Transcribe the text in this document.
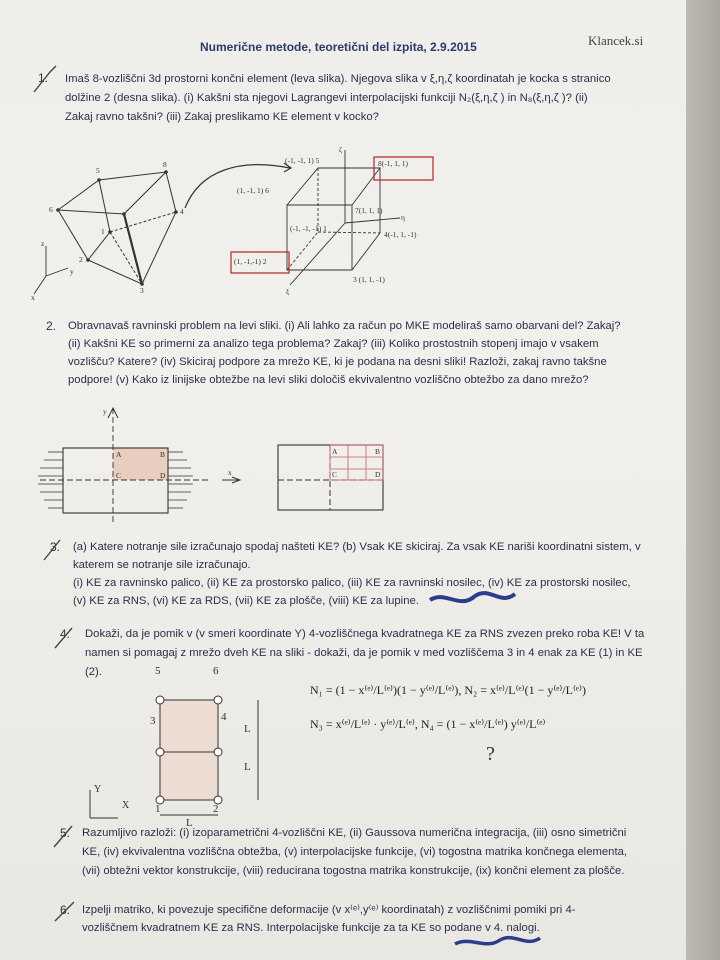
Numerične metode, teoretični del izpita, 2.9.2015	Klancek.si
1. Imaš 8-vozliščni 3d prostorni končni element (leva slika). Njegova slika v ξ,η,ζ koordinatah je kocka s stranico
dolžine 2 (desna slika). (i) Kakšni sta njegovi Lagrangevi interpolacijski funkciji N₂(ξ,η,ζ ) in N₈(ξ,η,ζ )? (ii)
Zakaj ravno takšni? (iii) Zakaj preslikamo KE element v kocko?
2. Obravnavaš ravninski problem na levi sliki. (i) Ali lahko za račun po MKE modeliraš samo obarvani del? Zakaj?
(ii) Kakšni KE so primerni za analizo tega problema? Zakaj? (iii) Koliko prostostnih stopenj imajo v vsakem
vozlišču? Katere? (iv) Skiciraj podpore za mrežo KE, ki je podana na desni sliki! Razloži, zakaj ravno takšne
podpore! (v) Kako iz linijske obtežbe na levi sliki določiš ekvivalentno vozliščno obtežbo za dano mrežo?
3. (a) Katere notranje sile izračunajo spodaj našteti KE? (b) Vsak KE skiciraj. Za vsak KE nariši koordinatni sistem, v
katerem se notranje sile izračunajo.
(i) KE za ravninsko palico, (ii) KE za prostorsko palico, (iii) KE za ravninski nosilec, (iv) KE za prostorski nosilec,
(v) KE za RNS, (vi) KE za RDS, (vii) KE za plošče, (viii) KE za lupine.
4. Dokaži, da je pomik v (v smeri koordinate Y) 4-vozliščnega kvadratnega KE za RNS zvezen preko roba KE! V ta
namen si pomagaj z mrežo dveh KE na sliki - dokaži, da je pomik v med vozliščema 3 in 4 enak za KE (1) in KE
(2).
N₁ = (1 − x⁽ᵉ⁾/L⁽ᵉ⁾)(1 − y⁽ᵉ⁾/L⁽ᵉ⁾), N₂ = x⁽ᵉ⁾/L⁽ᵉ⁾(1 − y⁽ᵉ⁾/L⁽ᵉ⁾)
N₃ = x⁽ᵉ⁾/L⁽ᵉ⁾ · y⁽ᵉ⁾/L⁽ᵉ⁾, N₄ = (1 − x⁽ᵉ⁾/L⁽ᵉ⁾) y⁽ᵉ⁾/L⁽ᵉ⁾
?
5. Razumljivo razloži: (i) izoparametrični 4-vozliščni KE, (ii) Gaussova numerična integracija, (iii) osno simetrični
KE, (iv) ekvivalentna vozliščna obtežba, (v) interpolacijske funkcije, (vi) togostna matrika končnega elementa,
(vii) obtežni vektor konstrukcije, (viii) reducirana togostna matrika konstrukcije, (ix) končni element za plošče.
6. Izpelji matriko, ki povezuje specifične deformacije (v x⁽ᵉ⁾,y⁽ᵉ⁾ koordinatah) z vozliščnimi pomiki pri 4-
vozliščnem kvadratnem KE za RNS. Interpolacijske funkcije za ta KE so podane v 4. nalogi.
5
8
6	4
1
z
2
y
3
x
(-1, -1, 1) 5	8(-1, 1, 1)
(1, -1, 1) 6
7(1, 1, 1)
(-1, -1, -1) 1
4(-1, 1, -1)
(1, -1,-1) 2
3 (1, 1, -1)
ζ
η
ξ
y
A	B
C	D	x
A	B
C	D
5	6
3	4
1	2
L
L
L
Y
X
